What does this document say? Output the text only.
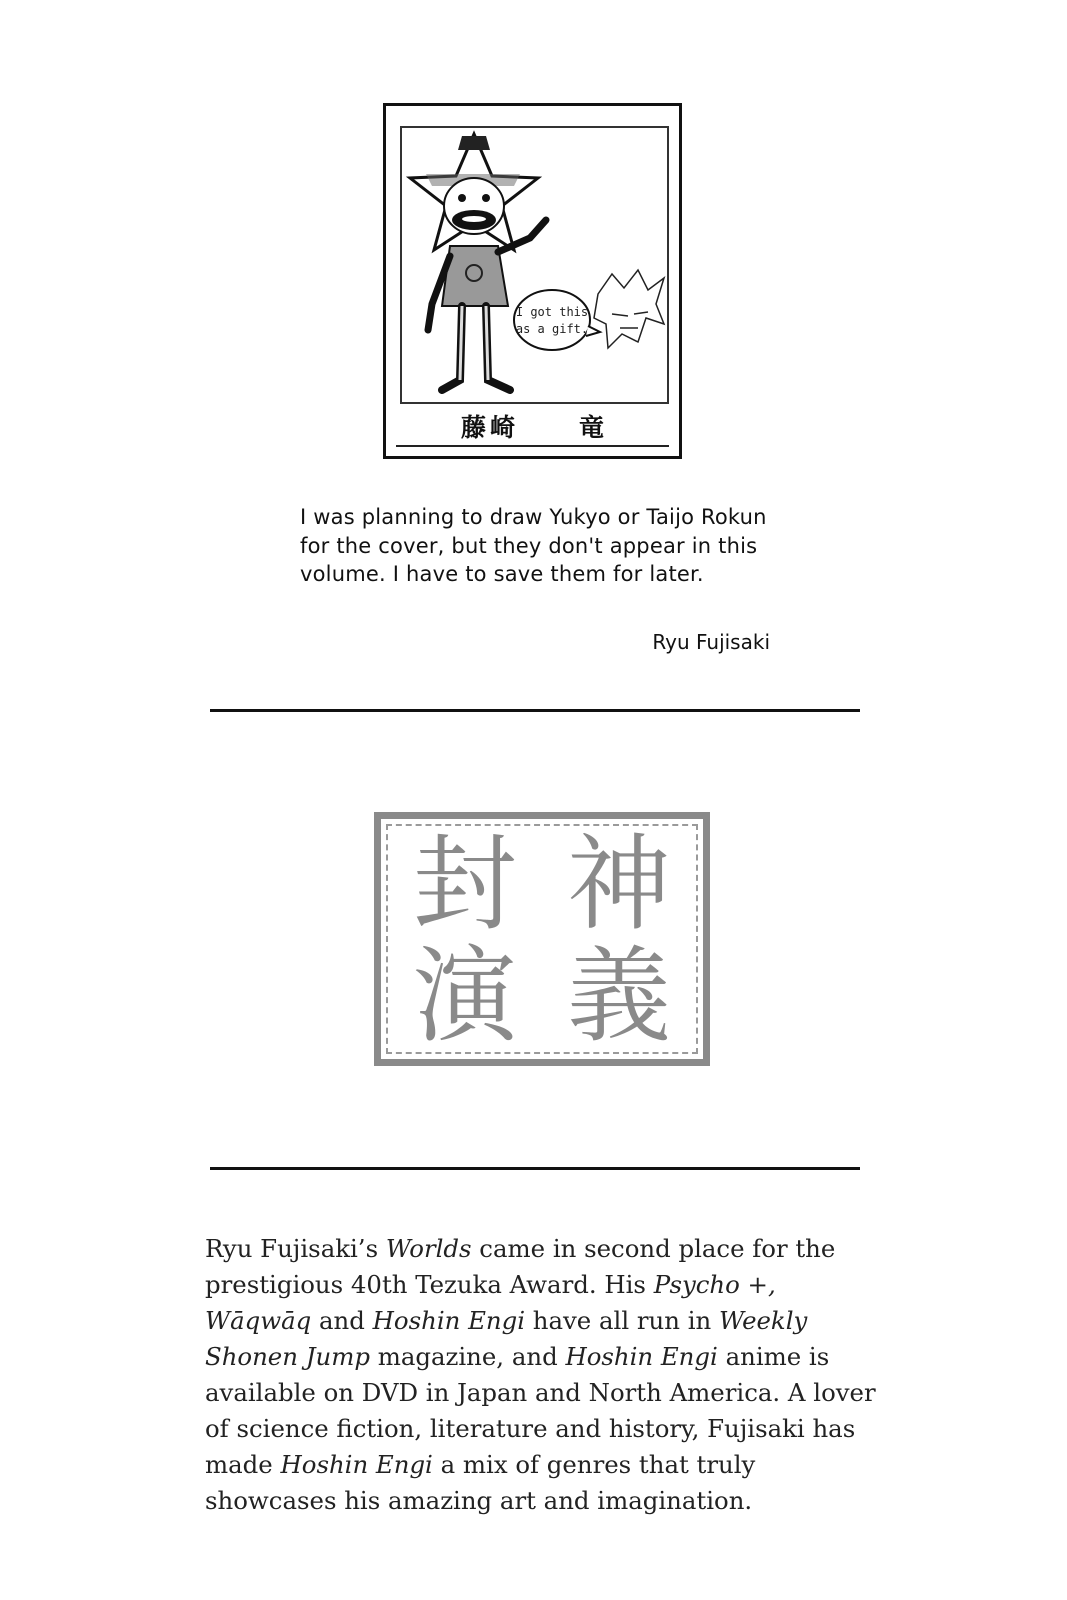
I got this
as a gift.
藤崎 竜
I was planning to draw Yukyo or Taijo Rokun for the cover, but they don't appear in this volume. I have to save them for later.
Ryu Fujisaki
神
封
義
演
Ryu Fujisaki’s Worlds came in second place for the prestigious 40th Tezuka Award. His Psycho +, Wāqwāq and Hoshin Engi have all run in Weekly Shonen Jump magazine, and Hoshin Engi anime is available on DVD in Japan and North America. A lover of science fiction, literature and history, Fujisaki has made Hoshin Engi a mix of genres that truly showcases his amazing art and imagination.
